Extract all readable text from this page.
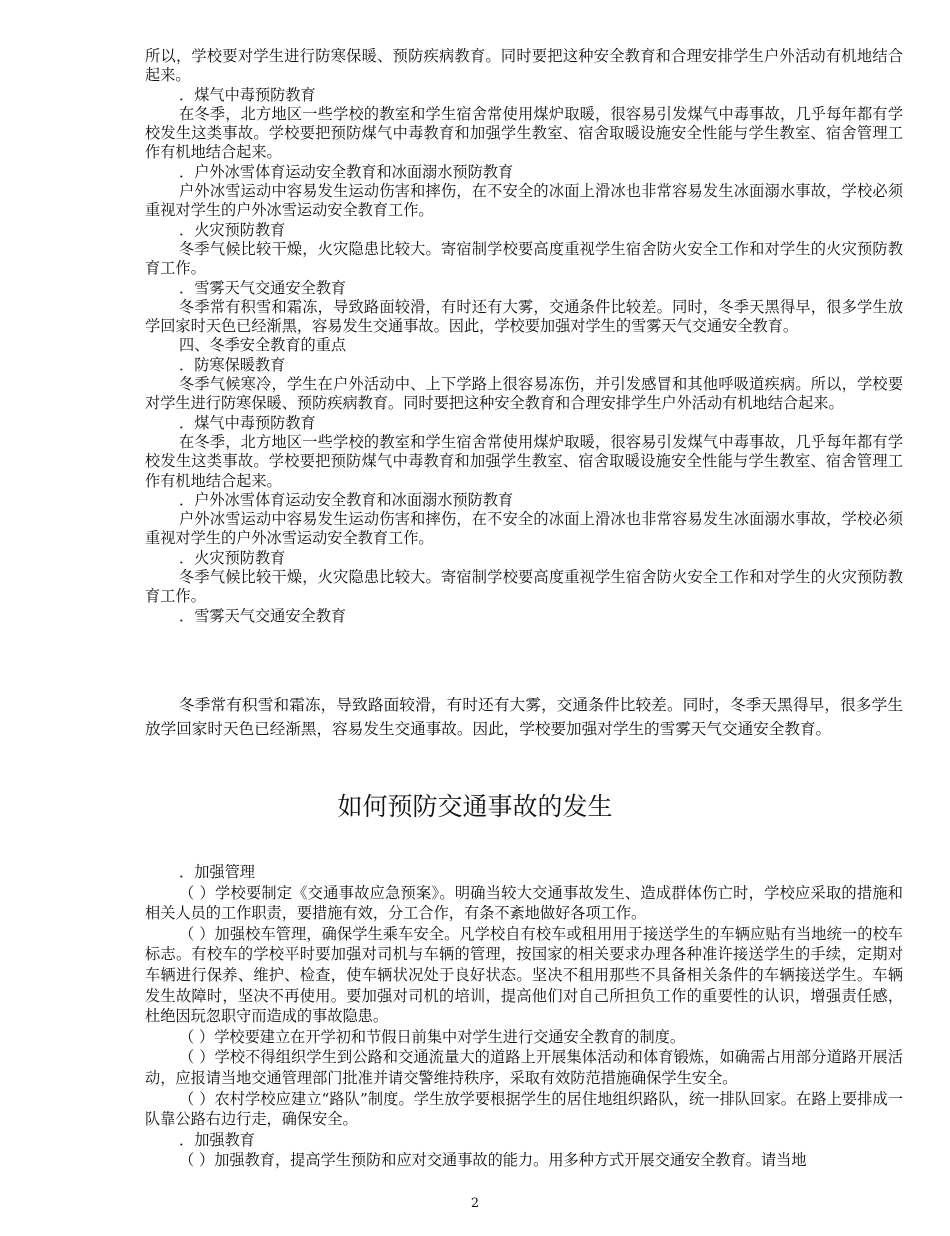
所以，学校要对学生进行防寒保暖、预防疾病教育。同时要把这种安全教育和合理安排学生户外活动有机地结合起来。

．煤气中毒预防教育

在冬季，北方地区一些学校的教室和学生宿舍常使用煤炉取暖，很容易引发煤气中毒事故，几乎每年都有学校发生这类事故。学校要把预防煤气中毒教育和加强学生教室、宿舍取暖设施安全性能与学生教室、宿舍管理工作有机地结合起来。

．户外冰雪体育运动安全教育和冰面溺水预防教育

户外冰雪运动中容易发生运动伤害和摔伤，在不安全的冰面上滑冰也非常容易发生冰面溺水事故，学校必须重视对学生的户外冰雪运动安全教育工作。

．火灾预防教育

冬季气候比较干燥，火灾隐患比较大。寄宿制学校要高度重视学生宿舍防火安全工作和对学生的火灾预防教育工作。

．雪雾天气交通安全教育

冬季常有积雪和霜冻，导致路面较滑，有时还有大雾，交通条件比较差。同时，冬季天黑得早，很多学生放学回家时天色已经渐黑，容易发生交通事故。因此，学校要加强对学生的雪雾天气交通安全教育。

四、冬季安全教育的重点

．防寒保暖教育

冬季气候寒冷，学生在户外活动中、上下学路上很容易冻伤，并引发感冒和其他呼吸道疾病。所以，学校要对学生进行防寒保暖、预防疾病教育。同时要把这种安全教育和合理安排学生户外活动有机地结合起来。

．煤气中毒预防教育

在冬季，北方地区一些学校的教室和学生宿舍常使用煤炉取暖，很容易引发煤气中毒事故，几乎每年都有学校发生这类事故。学校要把预防煤气中毒教育和加强学生教室、宿舍取暖设施安全性能与学生教室、宿舍管理工作有机地结合起来。

．户外冰雪体育运动安全教育和冰面溺水预防教育

户外冰雪运动中容易发生运动伤害和摔伤，在不安全的冰面上滑冰也非常容易发生冰面溺水事故，学校必须重视对学生的户外冰雪运动安全教育工作。

．火灾预防教育

冬季气候比较干燥，火灾隐患比较大。寄宿制学校要高度重视学生宿舍防火安全工作和对学生的火灾预防教育工作。

．雪雾天气交通安全教育

冬季常有积雪和霜冻，导致路面较滑，有时还有大雾，交通条件比较差。同时，冬季天黑得早，很多学生放学回家时天色已经渐黑，容易发生交通事故。因此，学校要加强对学生的雪雾天气交通安全教育。

如何预防交通事故的发生

．加强管理

（ ）学校要制定《交通事故应急预案》。明确当较大交通事故发生、造成群体伤亡时，学校应采取的措施和相关人员的工作职责，要措施有效，分工合作，有条不紊地做好各项工作。

（ ）加强校车管理，确保学生乘车安全。凡学校自有校车或租用用于接送学生的车辆应贴有当地统一的校车标志。有校车的学校平时要加强对司机与车辆的管理，按国家的相关要求办理各种准许接送学生的手续，定期对车辆进行保养、维护、检查，使车辆状况处于良好状态。坚决不租用那些不具备相关条件的车辆接送学生。车辆发生故障时，坚决不再使用。要加强对司机的培训，提高他们对自己所担负工作的重要性的认识，增强责任感，杜绝因玩忽职守而造成的事故隐患。

（ ）学校要建立在开学初和节假日前集中对学生进行交通安全教育的制度。

（ ）学校不得组织学生到公路和交通流量大的道路上开展集体活动和体育锻炼，如确需占用部分道路开展活动，应报请当地交通管理部门批准并请交警维持秩序，采取有效防范措施确保学生安全。

（ ）农村学校应建立“路队”制度。学生放学要根据学生的居住地组织路队，统一排队回家。在路上要排成一队靠公路右边行走，确保安全。

．加强教育

（ ）加强教育，提高学生预防和应对交通事故的能力。用多种方式开展交通安全教育。请当地

2
